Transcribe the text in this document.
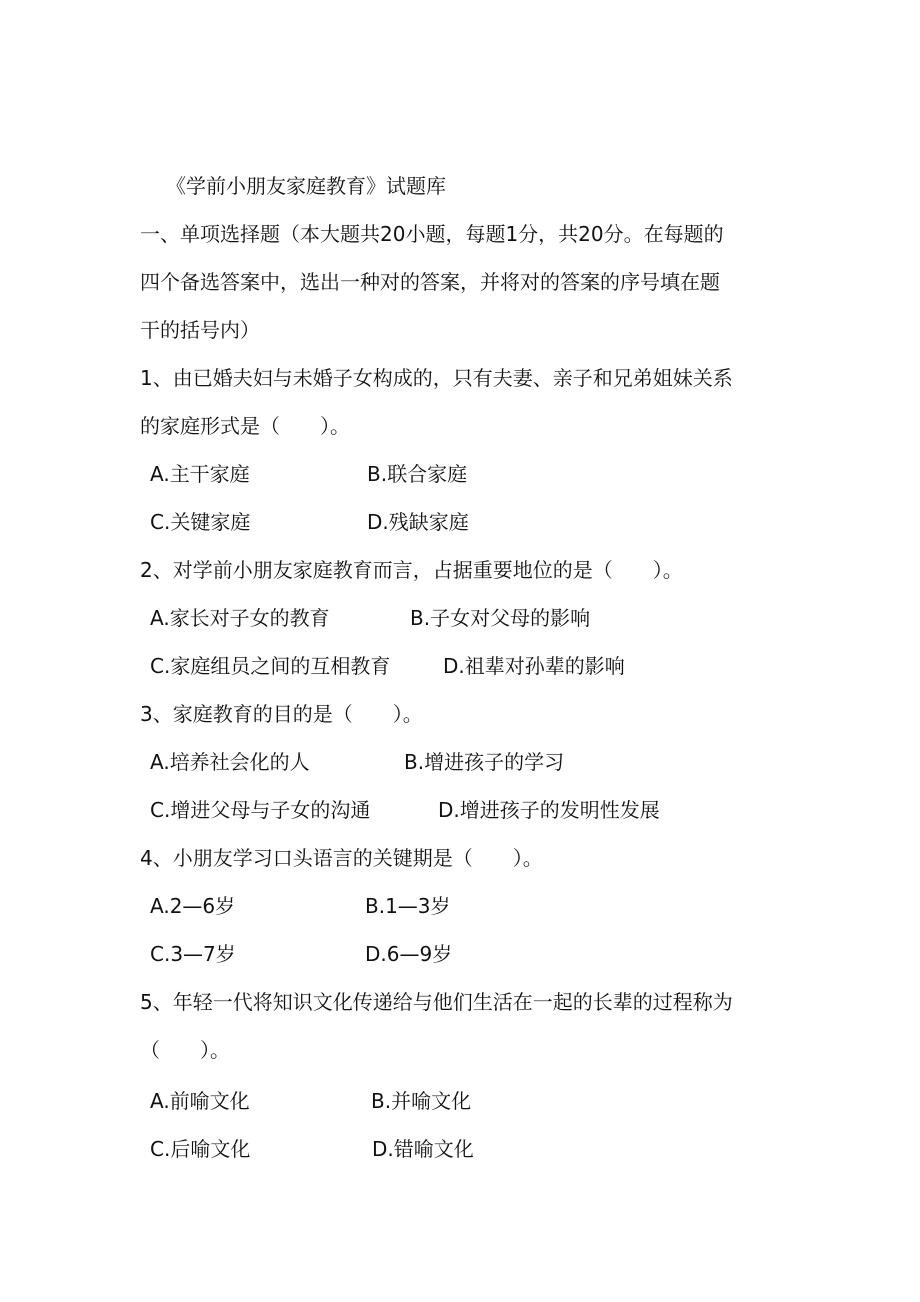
《学前小朋友家庭教育》试题库
一、单项选择题（本大题共20小题，每题1分，共20分。在每题的
四个备选答案中，选出一种对的答案，并将对的答案的序号填在题
干的括号内）
1、由已婚夫妇与未婚子女构成的，只有夫妻、亲子和兄弟姐妹关系
的家庭形式是（　　）。
A.主干家庭	B.联合家庭
C.关键家庭	D.残缺家庭
2、对学前小朋友家庭教育而言，占据重要地位的是（　　）。
A.家长对子女的教育	B.子女对父母的影响
C.家庭组员之间的互相教育	D.祖辈对孙辈的影响
3、家庭教育的目的是（　　）。
A.培养社会化的人	B.增进孩子的学习
C.增进父母与子女的沟通	D.增进孩子的发明性发展
4、小朋友学习口头语言的关键期是（　　）。
A.2—6岁	B.1—3岁
C.3—7岁	D.6—9岁
5、年轻一代将知识文化传递给与他们生活在一起的长辈的过程称为
（　　）。
A.前喻文化	B.并喻文化
C.后喻文化	D.错喻文化
